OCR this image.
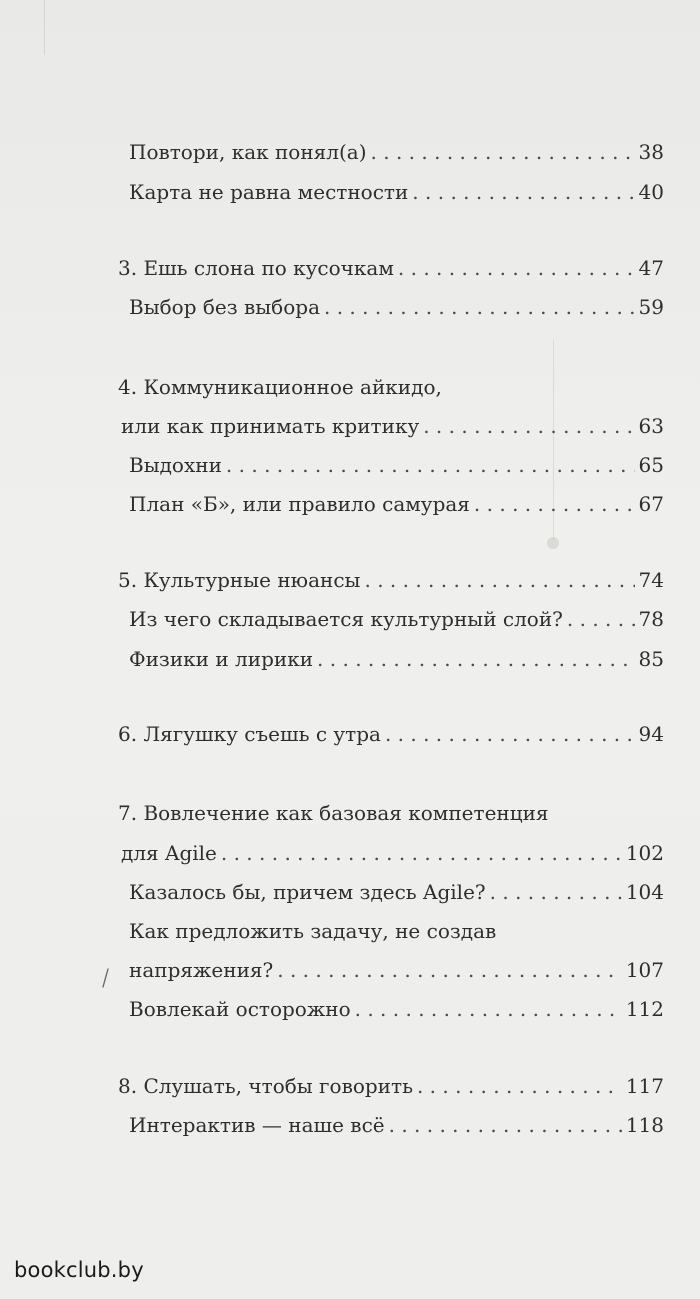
Повтори, как понял(а) . . .	38
Карта не равна местности . . .	40
3. Ешь слона по кусочкам . . .	47
Выбор без выбора . . .	59
4. Коммуникационное айкидо,
или как принимать критику . . .	63
Выдохни . . .	65
План «Б», или правило самурая . . .	67
5. Культурные нюансы . . .	74
Из чего складывается культурный слой? . . .	78
Физики и лирики . . .	85
6. Лягушку съешь с утра . . .	94
7. Вовлечение как базовая компетенция
для Agile . . .	102
Казалось бы, причем здесь Agile? . . .	104
Как предложить задачу, не создав
напряжения? . . .	107
Вовлекай осторожно . . .	112
8. Слушать, чтобы говорить . . .	117
Интерактив — наше всё . . .	118
bookclub.by
